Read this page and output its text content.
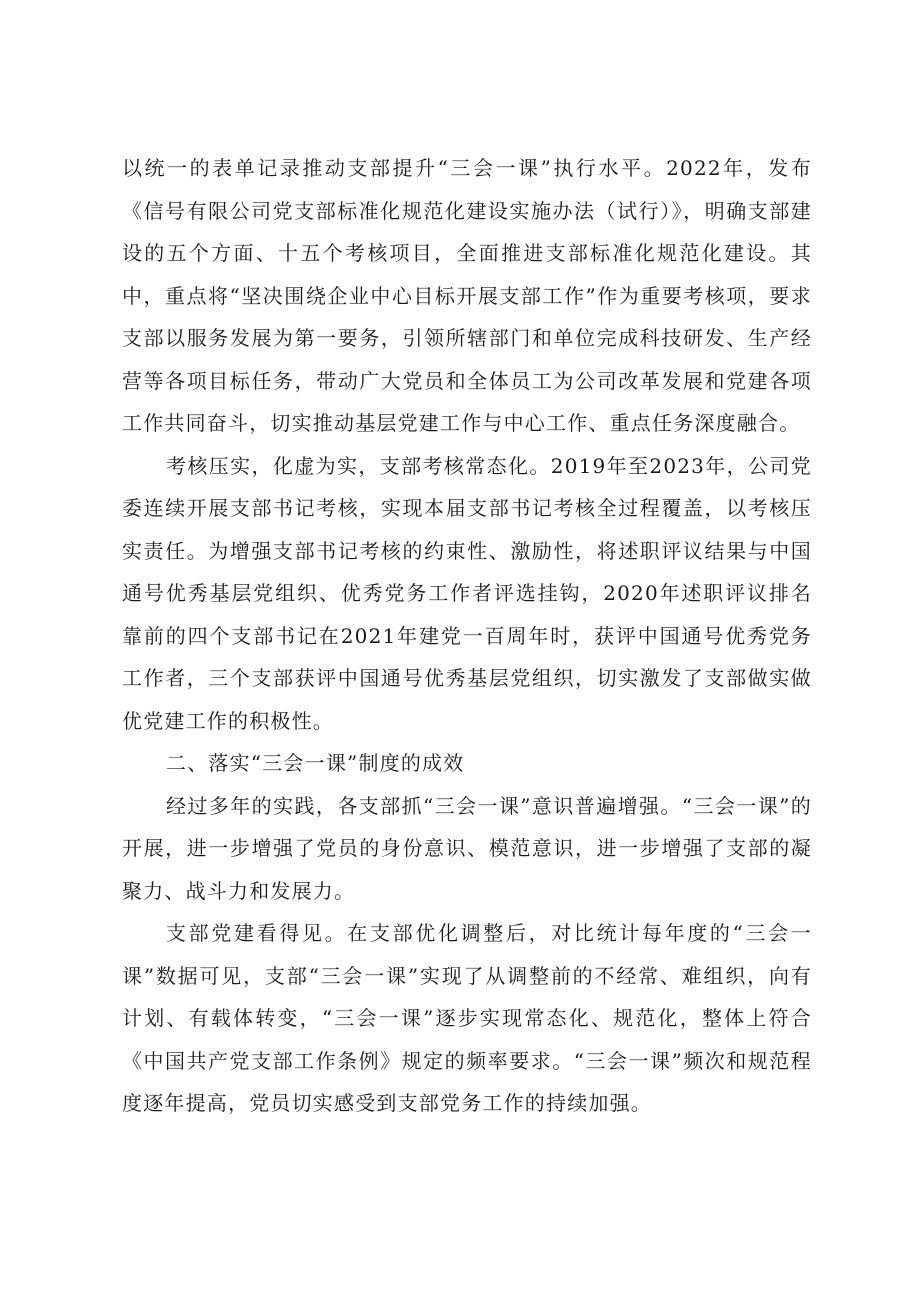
以统一的表单记录推动支部提升“三会一课”执行水平。2022年，发布《信号有限公司党支部标准化规范化建设实施办法（试行）》，明确支部建设的五个方面、十五个考核项目，全面推进支部标准化规范化建设。其中，重点将“坚决围绕企业中心目标开展支部工作”作为重要考核项，要求支部以服务发展为第一要务，引领所辖部门和单位完成科技研发、生产经营等各项目标任务，带动广大党员和全体员工为公司改革发展和党建各项工作共同奋斗，切实推动基层党建工作与中心工作、重点任务深度融合。

考核压实，化虚为实，支部考核常态化。2019年至2023年，公司党委连续开展支部书记考核，实现本届支部书记考核全过程覆盖，以考核压实责任。为增强支部书记考核的约束性、激励性，将述职评议结果与中国通号优秀基层党组织、优秀党务工作者评选挂钩，2020年述职评议排名靠前的四个支部书记在2021年建党一百周年时，获评中国通号优秀党务工作者，三个支部获评中国通号优秀基层党组织，切实激发了支部做实做优党建工作的积极性。

二、落实“三会一课”制度的成效

经过多年的实践，各支部抓“三会一课”意识普遍增强。“三会一课”的开展，进一步增强了党员的身份意识、模范意识，进一步增强了支部的凝聚力、战斗力和发展力。

支部党建看得见。在支部优化调整后，对比统计每年度的“三会一课”数据可见，支部“三会一课”实现了从调整前的不经常、难组织，向有计划、有载体转变，“三会一课”逐步实现常态化、规范化，整体上符合《中国共产党支部工作条例》规定的频率要求。“三会一课”频次和规范程度逐年提高，党员切实感受到支部党务工作的持续加强。
